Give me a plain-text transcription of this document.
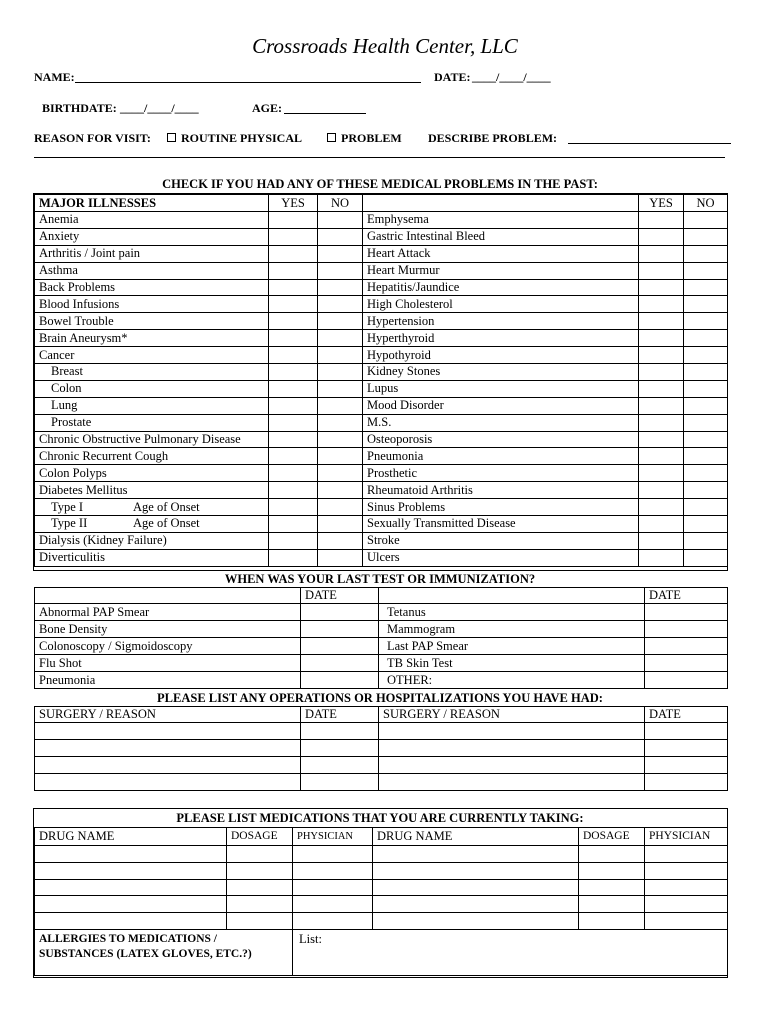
Crossroads Health Center, LLC
NAME:	DATE: ____/____/____
BIRTHDATE: ____/____/____	AGE:
REASON FOR VISIT:	ROUTINE PHYSICAL	PROBLEM DESCRIBE PROBLEM:
CHECK IF YOU HAD ANY OF THESE MEDICAL PROBLEMS IN THE PAST:
MAJOR ILLNESSES	YES	NO		YES	NO
Anemia			Emphysema		
Anxiety			Gastric Intestinal Bleed		
Arthritis / Joint pain			Heart Attack		
Asthma			Heart Murmur		
Back Problems			Hepatitis/Jaundice		
Blood Infusions			High Cholesterol		
Bowel Trouble			Hypertension		
Brain Aneurysm*			Hyperthyroid		
Cancer			Hypothyroid		
Breast			Kidney Stones		
Colon			Lupus		
Lung			Mood Disorder		
Prostate			M.S.		
Chronic Obstructive Pulmonary Disease			Osteoporosis		
Chronic Recurrent Cough			Pneumonia		
Colon Polyps			Prosthetic		
Diabetes Mellitus			Rheumatoid Arthritis		
Type I Age of Onset			Sinus Problems		
Type II Age of Onset			Sexually Transmitted Disease		
Dialysis (Kidney Failure)			Stroke		
Diverticulitis			Ulcers		
WHEN WAS YOUR LAST TEST OR IMMUNIZATION?
	DATE		DATE
Abnormal PAP Smear		Tetanus	
Bone Density		Mammogram	
Colonoscopy / Sigmoidoscopy		Last PAP Smear	
Flu Shot		TB Skin Test	
Pneumonia		OTHER:	
PLEASE LIST ANY OPERATIONS OR HOSPITALIZATIONS YOU HAVE HAD:
SURGERY / REASON	DATE	SURGERY / REASON	DATE

PLEASE LIST MEDICATIONS THAT YOU ARE CURRENTLY TAKING:
DRUG NAME	DOSAGE	PHYSICIAN	DRUG NAME	DOSAGE	PHYSICIAN

ALLERGIES TO MEDICATIONS /
SUBSTANCES (LATEX GLOVES, ETC.?)
	List:
